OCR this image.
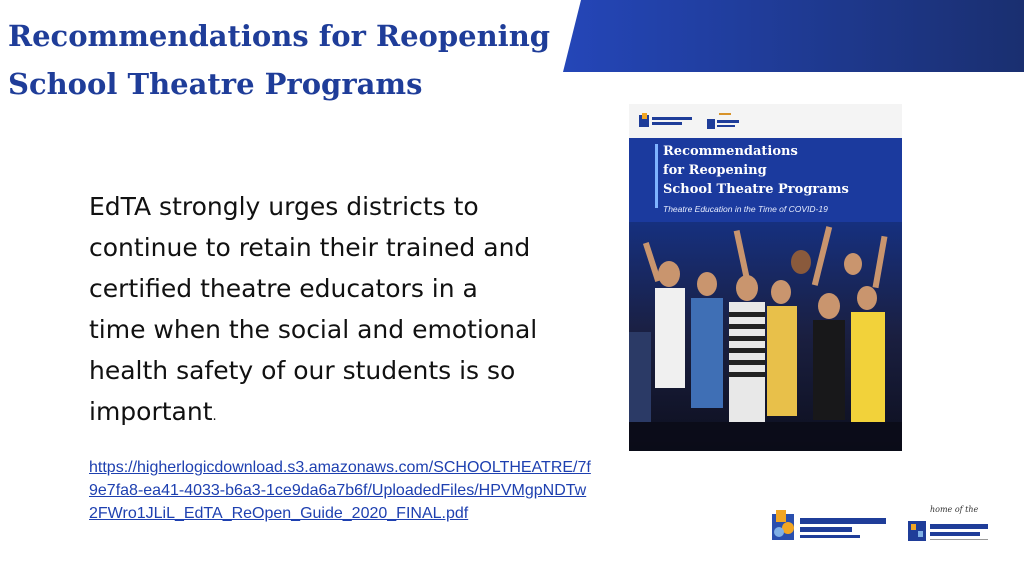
Recommendations for Reopening
School Theatre Programs

EdTA strongly urges districts to continue to retain their trained and certified theatre educators in a time when the social and emotional health safety of our students is so important.

https://higherlogicdownload.s3.amazonaws.com/SCHOOLTHEATRE/7f9e7fa8-ea41-4033-b6a3-1ce9da6a7b6f/UploadedFiles/HPVMgpNDTw2FWro1JLiL_EdTA_ReOpen_Guide_2020_FINAL.pdf
Recommendations
for Reopening
School Theatre Programs
Theatre Education in the Time of COVID-19
home of the
